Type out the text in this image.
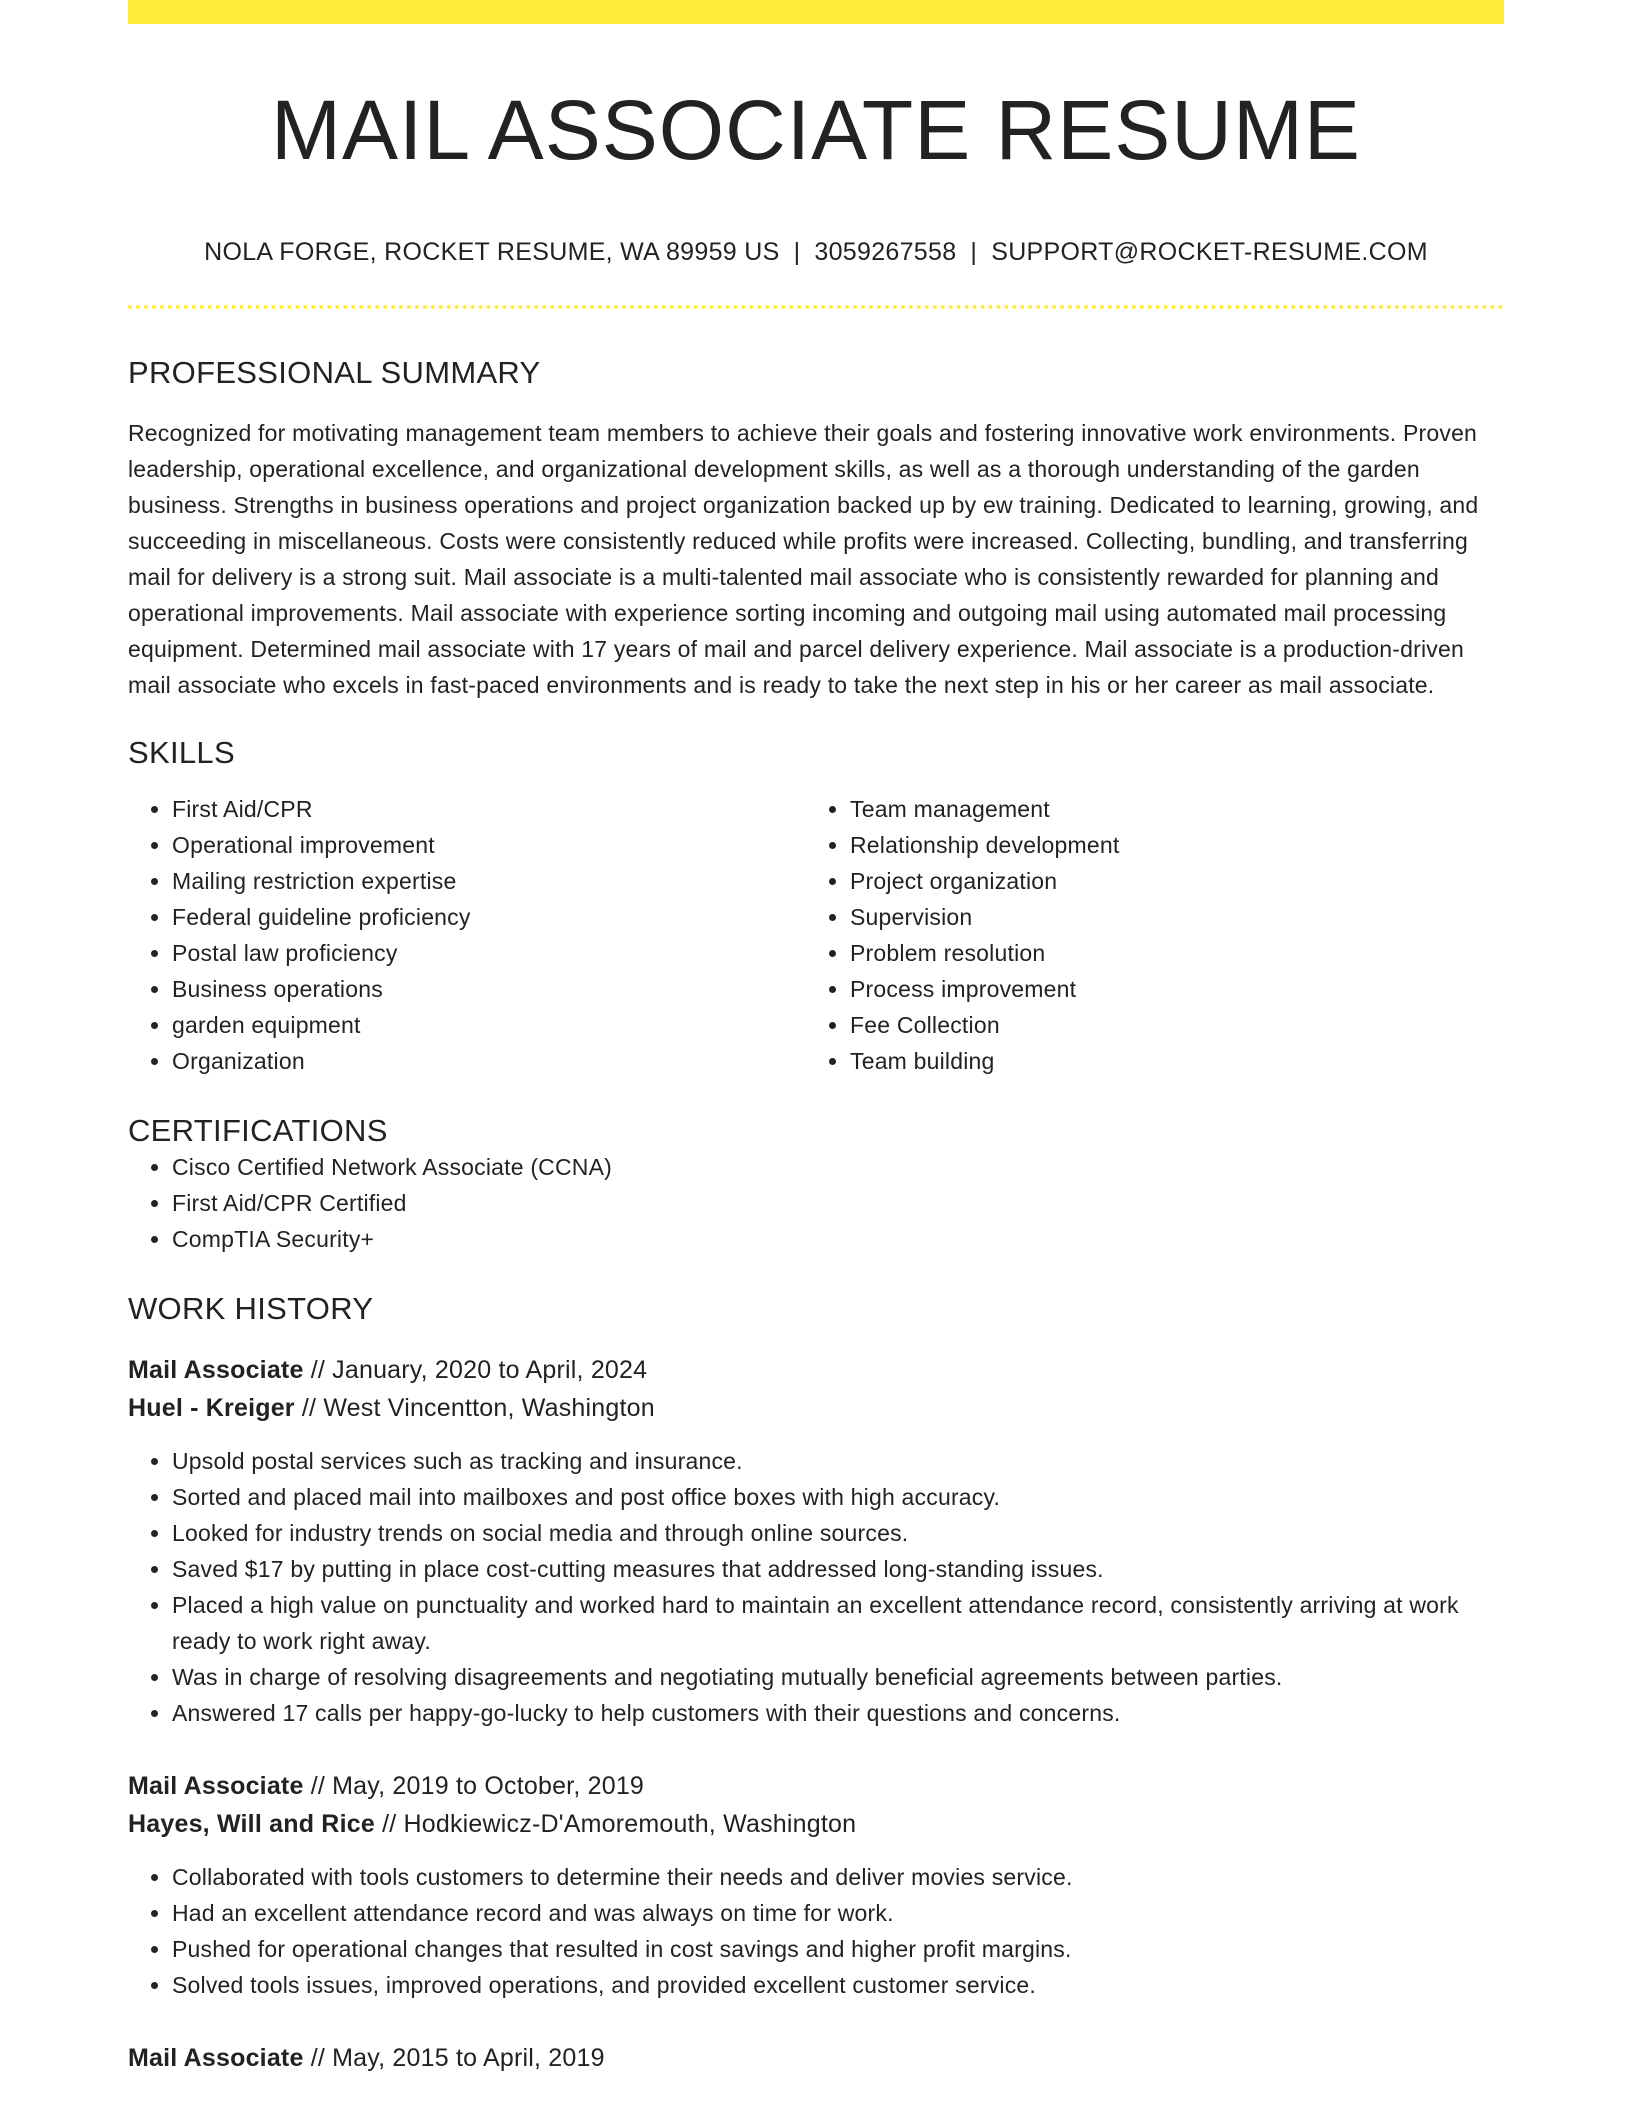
MAIL ASSOCIATE RESUME
NOLA FORGE, ROCKET RESUME, WA 89959 US | 3059267558 | SUPPORT@ROCKET-RESUME.COM
PROFESSIONAL SUMMARY

Recognized for motivating management team members to achieve their goals and fostering innovative work environments. Proven leadership, operational excellence, and organizational development skills, as well as a thorough understanding of the garden business. Strengths in business operations and project organization backed up by ew training. Dedicated to learning, growing, and succeeding in miscellaneous. Costs were consistently reduced while profits were increased. Collecting, bundling, and transferring mail for delivery is a strong suit. Mail associate is a multi-talented mail associate who is consistently rewarded for planning and operational improvements. Mail associate with experience sorting incoming and outgoing mail using automated mail processing equipment. Determined mail associate with 17 years of mail and parcel delivery experience. Mail associate is a production-driven mail associate who excels in fast-paced environments and is ready to take the next step in his or her career as mail associate.

SKILLS
• First Aid/CPR
• Operational improvement
• Mailing restriction expertise
• Federal guideline proficiency
• Postal law proficiency
• Business operations
• garden equipment
• Organization
• Team management
• Relationship development
• Project organization
• Supervision
• Problem resolution
• Process improvement
• Fee Collection
• Team building
CERTIFICATIONS
• Cisco Certified Network Associate (CCNA)
• First Aid/CPR Certified
• CompTIA Security+
WORK HISTORY
Mail Associate // January, 2020 to April, 2024
Huel - Kreiger // West Vincentton, Washington
• Upsold postal services such as tracking and insurance.
• Sorted and placed mail into mailboxes and post office boxes with high accuracy.
• Looked for industry trends on social media and through online sources.
• Saved $17 by putting in place cost-cutting measures that addressed long-standing issues.
• Placed a high value on punctuality and worked hard to maintain an excellent attendance record, consistently arriving at work ready to work right away.
• Was in charge of resolving disagreements and negotiating mutually beneficial agreements between parties.
• Answered 17 calls per happy-go-lucky to help customers with their questions and concerns.
Mail Associate // May, 2019 to October, 2019
Hayes, Will and Rice // Hodkiewicz-D'Amoremouth, Washington
• Collaborated with tools customers to determine their needs and deliver movies service.
• Had an excellent attendance record and was always on time for work.
• Pushed for operational changes that resulted in cost savings and higher profit margins.
• Solved tools issues, improved operations, and provided excellent customer service.
Mail Associate // May, 2015 to April, 2019
